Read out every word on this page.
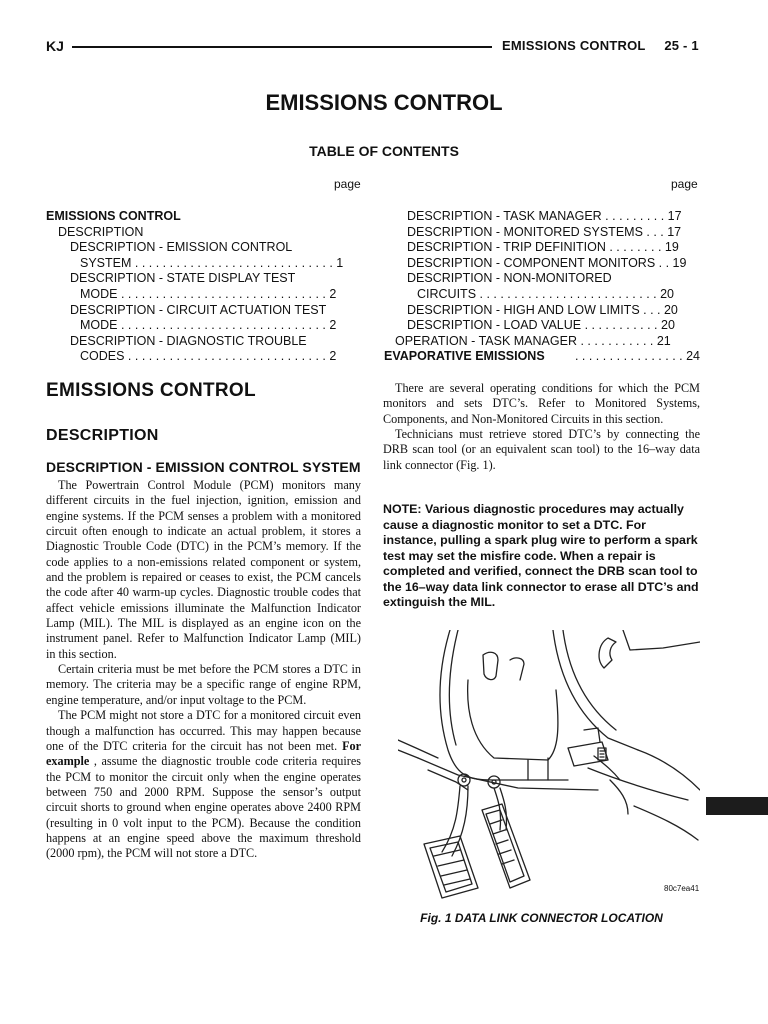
KJ	EMISSIONS CONTROL     25 - 1
EMISSIONS CONTROL
TABLE OF CONTENTS
page	page
EMISSIONS CONTROL
DESCRIPTION
DESCRIPTION - EMISSION CONTROL
SYSTEM . . . . . . . . . . . . . . . . . . . . . . . . . . . . . 1
DESCRIPTION - STATE DISPLAY TEST
MODE . . . . . . . . . . . . . . . . . . . . . . . . . . . . . . 2
DESCRIPTION - CIRCUIT ACTUATION TEST
MODE . . . . . . . . . . . . . . . . . . . . . . . . . . . . . . 2
DESCRIPTION - DIAGNOSTIC TROUBLE
CODES . . . . . . . . . . . . . . . . . . . . . . . . . . . . . 2
DESCRIPTION - TASK MANAGER . . . . . . . . . 17
DESCRIPTION - MONITORED SYSTEMS . . . 17
DESCRIPTION - TRIP DEFINITION . . . . . . . . 19
DESCRIPTION - COMPONENT MONITORS . . 19
DESCRIPTION - NON-MONITORED
CIRCUITS . . . . . . . . . . . . . . . . . . . . . . . . . . 20
DESCRIPTION - HIGH AND LOW LIMITS . . . 20
DESCRIPTION - LOAD VALUE . . . . . . . . . . . 20
OPERATION - TASK MANAGER . . . . . . . . . . . 21
EVAPORATIVE EMISSIONS . . . . . . . . . . . . . . . . 24
EMISSIONS CONTROL
DESCRIPTION
DESCRIPTION - EMISSION CONTROL SYSTEM

The Powertrain Control Module (PCM) monitors many different circuits in the fuel injection, ignition, emission and engine systems. If the PCM senses a problem with a monitored circuit often enough to indicate an actual problem, it stores a Diagnostic Trouble Code (DTC) in the PCM’s memory. If the code applies to a non-emissions related component or system, and the problem is repaired or ceases to exist, the PCM cancels the code after 40 warm-up cycles. Diagnostic trouble codes that affect vehicle emissions illuminate the Malfunction Indicator Lamp (MIL). The MIL is displayed as an engine icon on the instrument panel. Refer to Malfunction Indicator Lamp (MIL) in this section.

Certain criteria must be met before the PCM stores a DTC in memory. The criteria may be a specific range of engine RPM, engine temperature, and/or input voltage to the PCM.

The PCM might not store a DTC for a monitored circuit even though a malfunction has occurred. This may happen because one of the DTC criteria for the circuit has not been met. For example , assume the diagnostic trouble code criteria requires the PCM to monitor the circuit only when the engine operates between 750 and 2000 RPM. Suppose the sensor’s output circuit shorts to ground when engine operates above 2400 RPM (resulting in 0 volt input to the PCM). Because the condition happens at an engine speed above the maximum threshold (2000 rpm), the PCM will not store a DTC.

There are several operating conditions for which the PCM monitors and sets DTC’s. Refer to Monitored Systems, Components, and Non-Monitored Circuits in this section.

Technicians must retrieve stored DTC’s by connecting the DRB scan tool (or an equivalent scan tool) to the 16–way data link connector (Fig. 1).

NOTE: Various diagnostic procedures may actually cause a diagnostic monitor to set a DTC. For instance, pulling a spark plug wire to perform a spark test may set the misfire code. When a repair is completed and verified, connect the DRB scan tool to the 16–way data link connector to erase all DTC’s and extinguish the MIL.
80c7ea41
Fig. 1 DATA LINK CONNECTOR LOCATION
